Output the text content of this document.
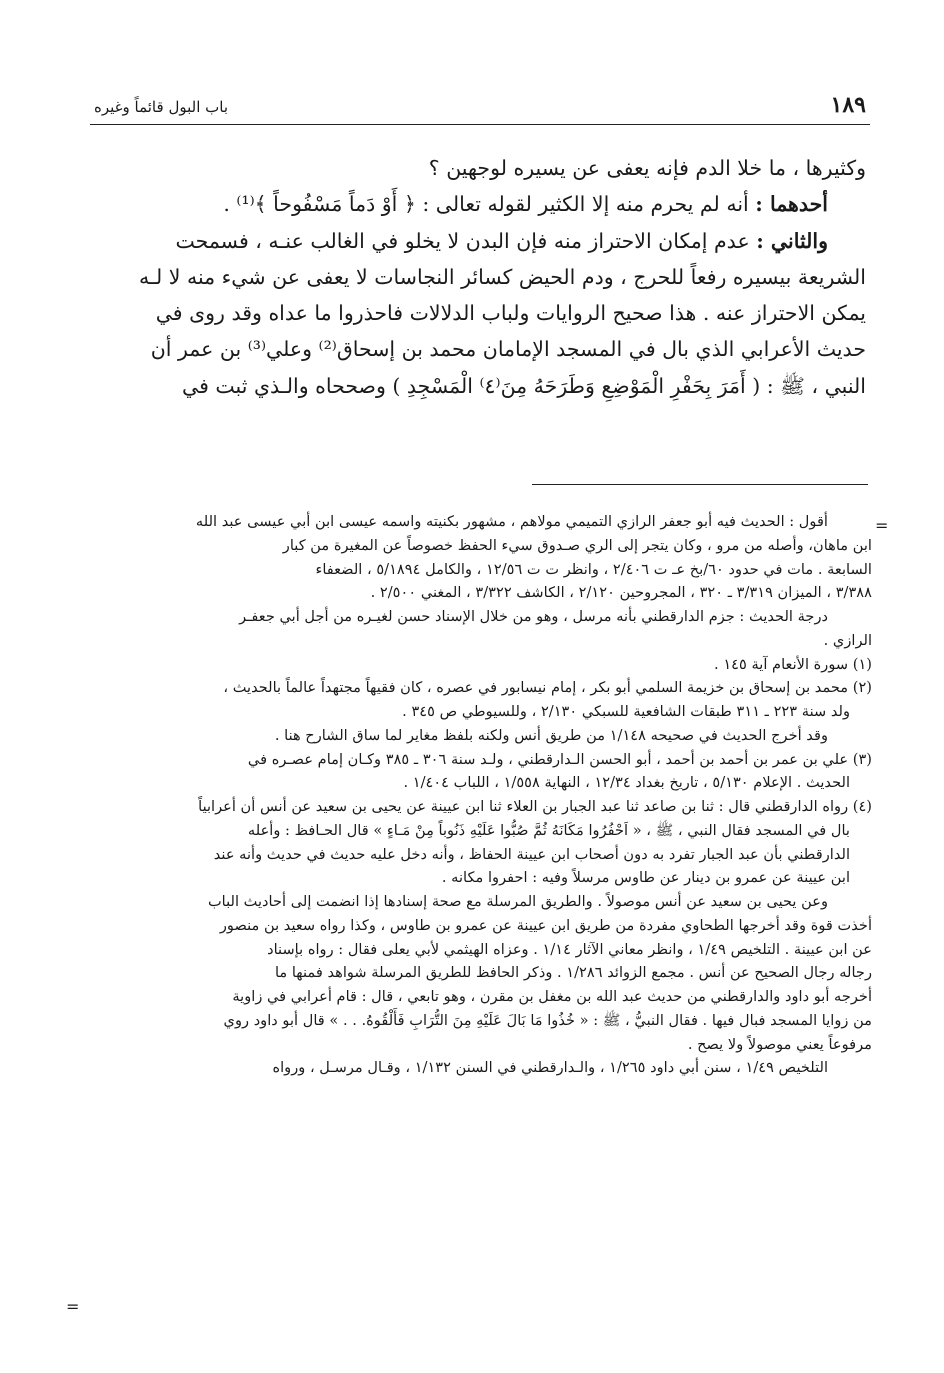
١٨٩
باب البول قائماً وغيره

وكثيرها ، ما خلا الدم فإنه يعفى عن يسيره لوجهين ؟

أحدهما : أنه لم يحرم منه إلا الكثير لقوله تعالى : ﴿ أَوْ دَماً مَسْفُوحاً ﴾⁽¹⁾ .

والثاني : عدم إمكان الاحتراز منه فإن البدن لا يخلو في الغالب عنـه ، فسمحت

الشريعة بيسيره رفعاً للحرج ، ودم الحيض كسائر النجاسات لا يعفى عن شيء منه لا لـه

يمكن الاحتراز عنه . هذا صحيح الروايات ولباب الدلالات فاحذروا ما عداه وقد روى في

حديث الأعرابي الذي بال في المسجد الإمامان محمد بن إسحاق⁽²⁾ وعلي⁽³⁾ بن عمر أن

النبي ، ﷺ : ( أَمَرَ بِحَفْرِ الْمَوْضِعِ وَطَرَحَهُ مِنَ⁽٤⁾ الْمَسْجِدِ ) وصححاه والـذي ثبت في

=

أقول : الحديث فيه أبو جعفر الرازي التميمي مولاهم ، مشهور بكنيته واسمه عيسى ابن أبي عيسى عبد الله

ابن ماهان، وأصله من مرو ، وكان يتجر إلى الري صـدوق سيء الحفظ خصوصاً عن المغيرة من كبار

السابعة . مات في حدود ٦٠/بخ عـ ت ٢/٤٠٦ ، وانظر ت ت ١٢/٥٦ ، والكامل ٥/١٨٩٤ ، الضعفاء

٣/٣٨٨ ، الميزان ٣/٣١٩ ـ ٣٢٠ ، المجروحين ٢/١٢٠ ، الكاشف ٣/٣٢٢ ، المغني ٢/٥٠٠ .

درجة الحديث : جزم الدارقطني بأنه مرسل ، وهو من خلال الإسناد حسن لغيـره من أجل أبي جعفـر

الرازي .

(١) سورة الأنعام آية ١٤٥ .

(٢) محمد بن إسحاق بن خزيمة السلمي أبو بكر ، إمام نيسابور في عصره ، كان فقيهاً مجتهداً عالماً بالحديث ،

ولد سنة ٢٢٣ ـ ٣١١ طبقات الشافعية للسبكي ٢/١٣٠ ، وللسيوطي ص ٣٤٥ .

وقد أخرج الحديث في صحيحه ١/١٤٨ من طريق أنس ولكنه بلفظ مغاير لما ساق الشارح هنا .

(٣) علي بن عمر بن أحمد بن أحمد ، أبو الحسن الـدارقطني ، ولـد سنة ٣٠٦ ـ ٣٨٥ وكـان إمام عصـره في

الحديث . الإعلام ٥/١٣٠ ، تاريخ بغداد ١٢/٣٤ ، النهاية ١/٥٥٨ ، اللباب ١/٤٠٤ .

(٤) رواه الدارقطني قال : ثنا بن صاعد ثنا عبد الجبار بن العلاء ثنا ابن عيينة عن يحيى بن سعيد عن أنس أن أعرابياً

بال في المسجد فقال النبي ، ﷺ ، « اَحْفُرُوا مَكَانَهُ ثُمَّ صُبُّوا عَلَيْهِ ذَنُوباً مِنْ مَـاءٍ » قال الحـافظ : وأعله

الدارقطني بأن عبد الجبار تفرد به دون أصحاب ابن عيينة الحفاظ ، وأنه دخل عليه حديث في حديث وأنه عند

ابن عيينة عن عمرو بن دينار عن طاوس مرسلاً وفيه : احفروا مكانه .

وعن يحيى بن سعيد عن أنس موصولاً . والطريق المرسلة مع صحة إسنادها إذا انضمت إلى أحاديث الباب

أخذت قوة وقد أخرجها الطحاوي مفردة من طريق ابن عيينة عن عمرو بن طاوس ، وكذا رواه سعيد بن منصور

عن ابن عيينة . التلخيص ١/٤٩ ، وانظر معاني الآثار ١/١٤ . وعزاه الهيثمي لأبي يعلى فقال : رواه بإسناد

رجاله رجال الصحيح عن أنس . مجمع الزوائد ١/٢٨٦ . وذكر الحافظ للطريق المرسلة شواهد فمنها ما

أخرجه أبو داود والدارقطني من حديث عبد الله بن مغفل بن مقرن ، وهو تابعي ، قال : قام أعرابي في زاوية

من زوايا المسجد فبال فيها . فقال النبيُّ ، ﷺ : « خُذُوا مَا بَالَ عَلَيْهِ مِنَ التُّرَابِ فَأَلْقُوهُ. . . » قال أبو داود روي

مرفوعاً يعني موصولاً ولا يصح .

التلخيص ١/٤٩ ، سنن أبي داود ١/٢٦٥ ، والـدارقطني في السنن ١/١٣٢ ، وقـال مرسـل ، ورواه

=
